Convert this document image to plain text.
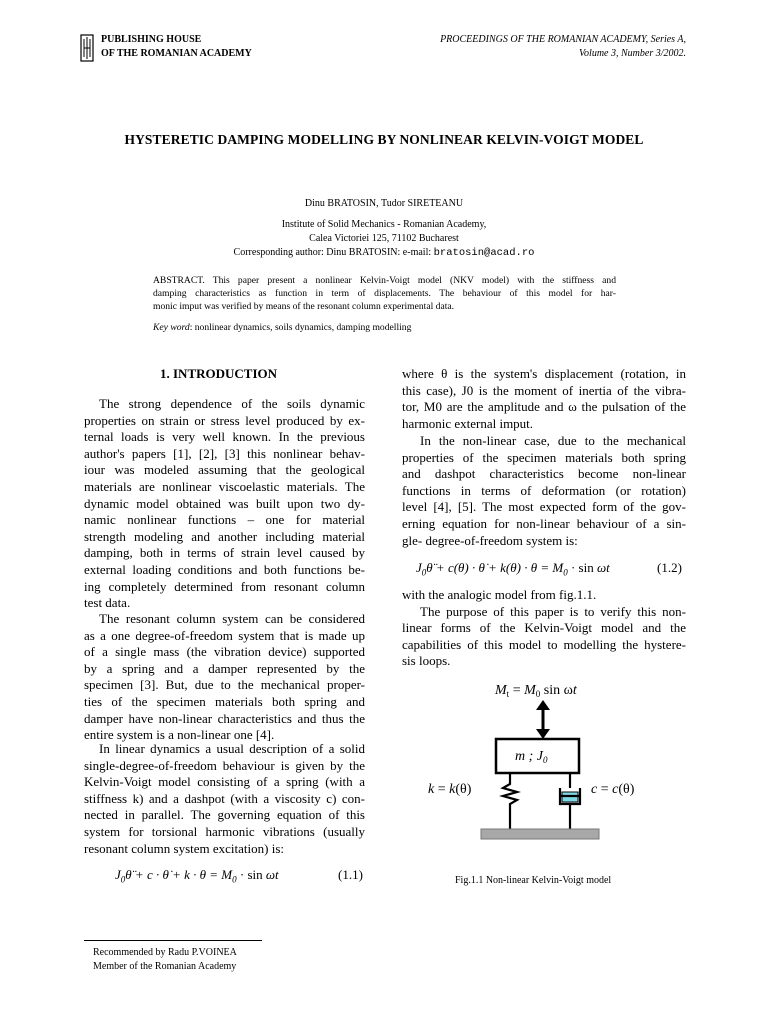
PUBLISHING HOUSE
OF THE ROMANIAN ACADEMY
PROCEEDINGS OF THE ROMANIAN ACADEMY, Series A,
Volume 3, Number 3/2002.
HYSTERETIC DAMPING MODELLING BY NONLINEAR KELVIN-VOIGT MODEL
Dinu BRATOSIN, Tudor SIRETEANU
Institute of Solid Mechanics - Romanian Academy,
Calea Victoriei 125, 71102 Bucharest
Corresponding author: Dinu BRATOSIN: e-mail: bratosin@acad.ro
ABSTRACT. This paper present a nonlinear Kelvin-Voigt model (NKV model) with the stiffness and
damping characteristics as function in term of displacements. The behaviour of this model for har-
monic imput was verified by means of the resonant column experimental data.
Key word: nonlinear dynamics, soils dynamics, damping modelling
1. INTRODUCTION
The strong dependence of the soils dynamic
properties on strain or stress level produced by ex-
ternal loads is very well known. In the previous
author's papers [1], [2], [3] this nonlinear behav-
iour was modeled assuming that the geological
materials are nonlinear viscoelastic materials. The
dynamic model obtained was built upon two dy-
namic nonlinear functions – one for material
strength modeling and another including material
damping, both in terms of strain level caused by
external loading conditions and both functions be-
ing completely determined from resonant column
test data.
The resonant column system can be considered
as a one degree-of-freedom system that is made up
of a single mass (the vibration device) supported
by a spring and a damper represented by the
specimen [3]. But, due to the mechanical proper-
ties of the specimen materials both spring and
damper have non-linear characteristics and thus the
entire system is a non-linear one [4].
In linear dynamics a usual description of a solid
single-degree-of-freedom behaviour is given by the
Kelvin-Voigt model consisting of a spring (with a
stiffness k) and a dashpot (with a viscosity c) con-
nected in parallel. The governing equation of this
system for torsional harmonic vibrations (usually
resonant column system excitation) is:
$J_0\thetä + c$ · θ̇ + $k \cdot \theta = M_0 \cdot \sin \omega t$	(1.1)
where θ is the system's displacement (rotation, in
this case), J0 is the moment of inertia of the vibra-
tor, M0 are the amplitude and ω the pulsation of the
harmonic external imput.
In the non-linear case, due to the mechanical
properties of the specimen materials both spring
and dashpot characteristics become non-linear
functions in terms of deformation (or rotation)
level [4], [5]. The most expected form of the gov-
erning equation for non-linear behaviour of a sin-
gle- degree-of-freedom system is:
$J_0\thetä + c(\theta)$ · θ̇ + $k(\theta) \cdot \theta = M_0 \cdot \sin \omega t$	(1.2)
with the analogic model from fig.1.1.
The purpose of this paper is to verify this non-
linear forms of the Kelvin-Voigt model and the
capabilities of this model to modelling the hystere-
sis loops.
$M_t = M_0$ sin ωt
m ; $J_0$
k = k(θ)	c = c(θ)
Fig.1.1 Non-linear Kelvin-Voigt model
Recommended by Radu P.VOINEA
Member of the Romanian Academy
